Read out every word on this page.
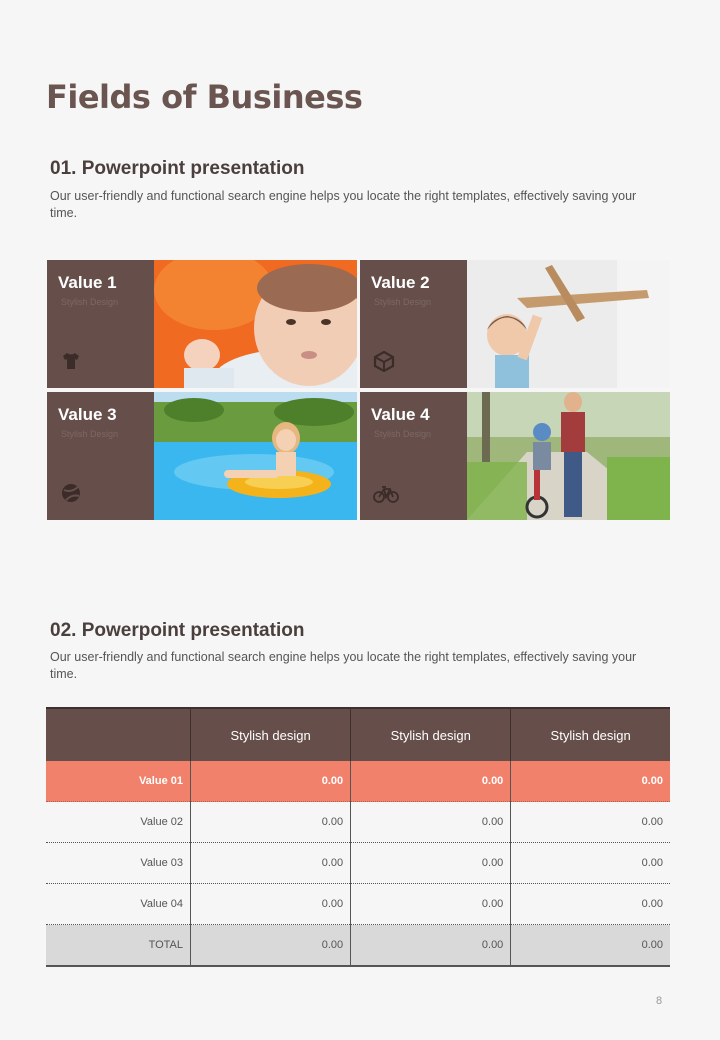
Fields of Business
01. Powerpoint presentation

Our user-friendly and functional search engine helps you locate the right templates, effectively saving your time.

Value 1
Stylish Design
Value 2
Stylish Design
Value 3
Stylish Design
Value 4
Stylish Design
02. Powerpoint presentation

Our user-friendly and functional search engine helps you locate the right templates, effectively saving your time.

	Stylish design	Stylish design	Stylish design
Value 01	0.00	0.00	0.00
Value 02	0.00	0.00	0.00
Value 03	0.00	0.00	0.00
Value 04	0.00	0.00	0.00
TOTAL	0.00	0.00	0.00
8
